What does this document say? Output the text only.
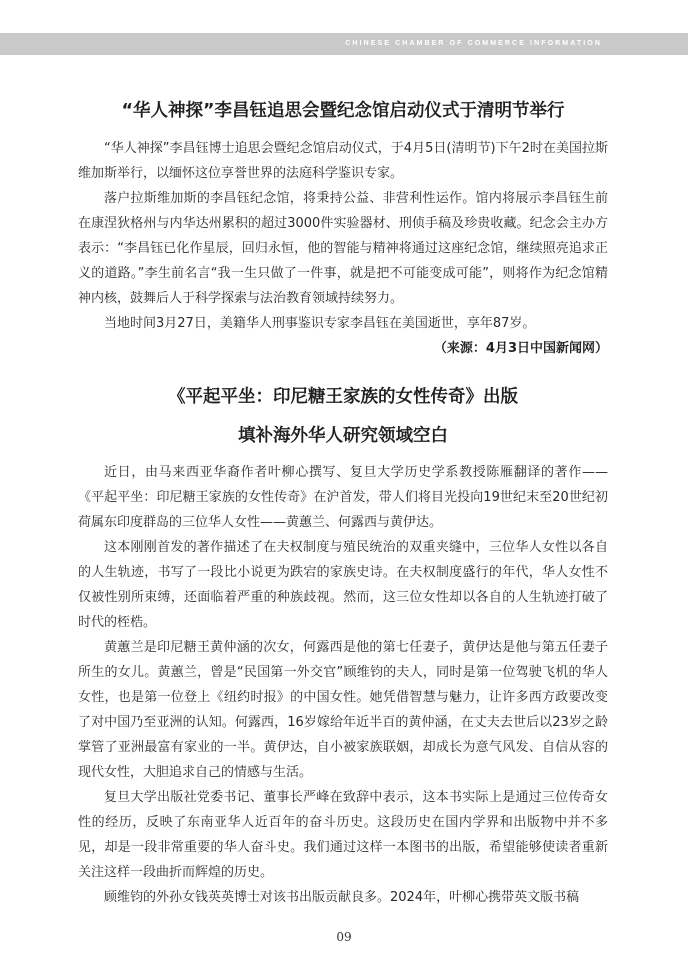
CHINESE CHAMBER OF COMMERCE INFORMATION
“华人神探”李昌钰追思会暨纪念馆启动仪式于清明节举行

“华人神探”李昌钰博士追思会暨纪念馆启动仪式，于4月5日(清明节)下午2时在美国拉斯维加斯举行，以缅怀这位享誉世界的法庭科学鉴识专家。

落户拉斯维加斯的李昌钰纪念馆，将秉持公益、非营利性运作。馆内将展示李昌钰生前在康涅狄格州与内华达州累积的超过3000件实验器材、刑侦手稿及珍贵收藏。纪念会主办方表示：“李昌钰已化作星辰，回归永恒，他的智能与精神将通过这座纪念馆，继续照亮追求正义的道路。”李生前名言“我一生只做了一件事，就是把不可能变成可能”，则将作为纪念馆精神内核，鼓舞后人于科学探索与法治教育领域持续努力。

当地时间3月27日，美籍华人刑事鉴识专家李昌钰在美国逝世，享年87岁。

（来源：4月3日中国新闻网）

《平起平坐：印尼糖王家族的女性传奇》出版
填补海外华人研究领域空白

近日，由马来西亚华裔作者叶柳心撰写、复旦大学历史学系教授陈雁翻译的著作——《平起平坐：印尼糖王家族的女性传奇》在沪首发，带人们将目光投向19世纪末至20世纪初荷属东印度群岛的三位华人女性——黄蕙兰、何露西与黄伊达。

这本刚刚首发的著作描述了在夫权制度与殖民统治的双重夹缝中，三位华人女性以各自的人生轨迹，书写了一段比小说更为跌宕的家族史诗。在夫权制度盛行的年代，华人女性不仅被性别所束缚，还面临着严重的种族歧视。然而，这三位女性却以各自的人生轨迹打破了时代的桎梏。

黄蕙兰是印尼糖王黄仲涵的次女，何露西是他的第七任妻子，黄伊达是他与第五任妻子所生的女儿。黄蕙兰，曾是“民国第一外交官”顾维钧的夫人，同时是第一位驾驶飞机的华人女性，也是第一位登上《纽约时报》的中国女性。她凭借智慧与魅力，让许多西方政要改变了对中国乃至亚洲的认知。何露西，16岁嫁给年近半百的黄仲涵，在丈夫去世后以23岁之龄掌管了亚洲最富有家业的一半。黄伊达，自小被家族联姻，却成长为意气风发、自信从容的现代女性，大胆追求自己的情感与生活。

复旦大学出版社党委书记、董事长严峰在致辞中表示，这本书实际上是通过三位传奇女性的经历，反映了东南亚华人近百年的奋斗历史。这段历史在国内学界和出版物中并不多见，却是一段非常重要的华人奋斗史。我们通过这样一本图书的出版，希望能够使读者重新关注这样一段曲折而辉煌的历史。

顾维钧的外孙女钱英英博士对该书出版贡献良多。2024年，叶柳心携带英文版书稿

09
